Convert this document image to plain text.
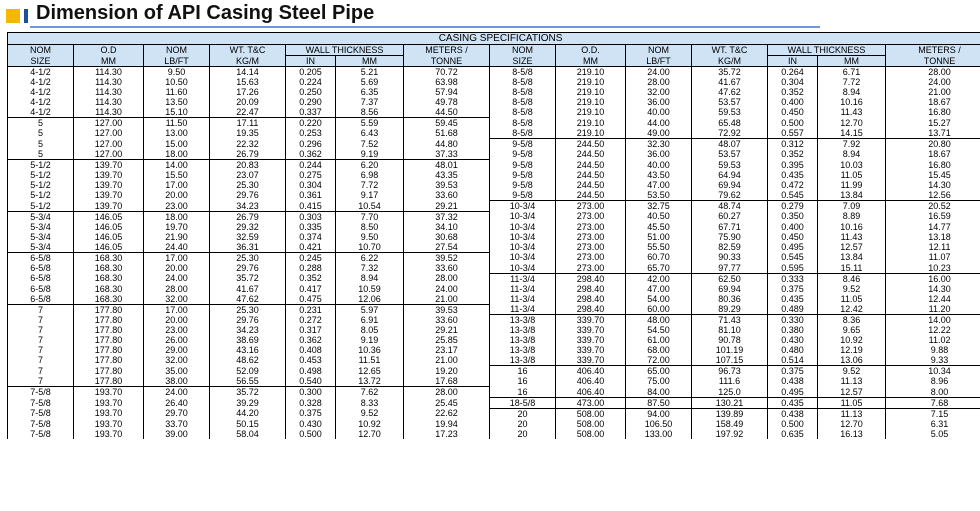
Dimension of API Casing Steel Pipe
CASING SPECIFICATIONS													
NOM	O.D	NOM	WT. T&C	WALL THICKNESS		METERS /	NOM	O.D.	NOM	WT. T&C	WALL THICKNESS		METERS /
SIZE	MM	LB/FT	KG/M	IN	MM	TONNE	SIZE	MM	LB/FT	KG/M	IN	MM	TONNE
4-1/2	114.30	9.50	14.14	0.205	5.21	70.72	8-5/8	219.10	24.00	35.72	0.264	6.71	28.00
4-1/2	114.30	10.50	15.63	0.224	5.69	63.98	8-5/8	219.10	28.00	41.67	0.304	7.72	24.00
4-1/2	114.30	11.60	17.26	0.250	6.35	57.94	8-5/8	219.10	32.00	47.62	0.352	8.94	21.00
4-1/2	114.30	13.50	20.09	0.290	7.37	49.78	8-5/8	219.10	36.00	53.57	0.400	10.16	18.67
4-1/2	114.30	15.10	22.47	0.337	8.56	44.50	8-5/8	219.10	40.00	59.53	0.450	11.43	16.80
5	127.00	11.50	17.11	0.220	5.59	59.45	8-5/8	219.10	44.00	65.48	0.500	12.70	15.27
5	127.00	13.00	19.35	0.253	6.43	51.68	8-5/8	219.10	49.00	72.92	0.557	14.15	13.71
5	127.00	15.00	22.32	0.296	7.52	44.80	9-5/8	244.50	32.30	48.07	0.312	7.92	20.80
5	127.00	18.00	26.79	0.362	9.19	37.33	9-5/8	244.50	36.00	53.57	0.352	8.94	18.67
5-1/2	139.70	14.00	20.83	0.244	6.20	48.01	9-5/8	244.50	40.00	59.53	0.395	10.03	16.80
5-1/2	139.70	15.50	23.07	0.275	6.98	43.35	9-5/8	244.50	43.50	64.94	0.435	11.05	15.45
5-1/2	139.70	17.00	25.30	0.304	7.72	39.53	9-5/8	244.50	47.00	69.94	0.472	11.99	14.30
5-1/2	139.70	20.00	29.76	0.361	9.17	33.60	9-5/8	244.50	53.50	79.62	0.545	13.84	12.56
5-1/2	139.70	23.00	34.23	0.415	10.54	29.21	10-3/4	273.00	32.75	48.74	0.279	7.09	20.52
5-3/4	146.05	18.00	26.79	0.303	7.70	37.32	10-3/4	273.00	40.50	60.27	0.350	8.89	16.59
5-3/4	146.05	19.70	29.32	0.335	8.50	34.10	10-3/4	273.00	45.50	67.71	0.400	10.16	14.77
5-3/4	146.05	21.90	32.59	0.374	9.50	30.68	10-3/4	273.00	51.00	75.90	0.450	11.43	13.18
5-3/4	146.05	24.40	36.31	0.421	10.70	27.54	10-3/4	273.00	55.50	82.59	0.495	12.57	12.11
6-5/8	168.30	17.00	25.30	0.245	6.22	39.52	10-3/4	273.00	60.70	90.33	0.545	13.84	11.07
6-5/8	168.30	20.00	29.76	0.288	7.32	33.60	10-3/4	273.00	65.70	97.77	0.595	15.11	10.23
6-5/8	168.30	24.00	35.72	0.352	8.94	28.00	11-3/4	298.40	42.00	62.50	0.333	8.46	16.00
6-5/8	168.30	28.00	41.67	0.417	10.59	24.00	11-3/4	298.40	47.00	69.94	0.375	9.52	14.30
6-5/8	168.30	32.00	47.62	0.475	12.06	21.00	11-3/4	298.40	54.00	80.36	0.435	11.05	12.44
7	177.80	17.00	25.30	0.231	5.97	39.53	11-3/4	298.40	60.00	89.29	0.489	12.42	11.20
7	177.80	20.00	29.76	0.272	6.91	33.60	13-3/8	339.70	48.00	71.43	0.330	8.36	14.00
7	177.80	23.00	34.23	0.317	8.05	29.21	13-3/8	339.70	54.50	81.10	0.380	9.65	12.22
7	177.80	26.00	38.69	0.362	9.19	25.85	13-3/8	339.70	61.00	90.78	0.430	10.92	11.02
7	177.80	29.00	43.16	0.408	10.36	23.17	13-3/8	339.70	68.00	101.19	0.480	12.19	9.88
7	177.80	32.00	48.62	0.453	11.51	21.00	13-3/8	339.70	72.00	107.15	0.514	13.06	9.33
7	177.80	35.00	52.09	0.498	12.65	19.20	16	406.40	65.00	96.73	0.375	9.52	10.34
7	177.80	38.00	56.55	0.540	13.72	17.68	16	406.40	75.00	111.6	0.438	11.13	8.96
7-5/8	193.70	24.00	35.72	0.300	7.62	28.00	16	406.40	84.00	125.0	0.495	12.57	8.00
7-5/8	193.70	26.40	39.29	0.328	8.33	25.45	18-5/8	473.00	87.50	130.21	0.435	11.05	7.68
7-5/8	193.70	29.70	44.20	0.375	9.52	22.62	20	508.00	94.00	139.89	0.438	11.13	7.15
7-5/8	193.70	33.70	50.15	0.430	10.92	19.94	20	508.00	106.50	158.49	0.500	12.70	6.31
7-5/8	193.70	39.00	58.04	0.500	12.70	17.23	20	508.00	133.00	197.92	0.635	16.13	5.05
